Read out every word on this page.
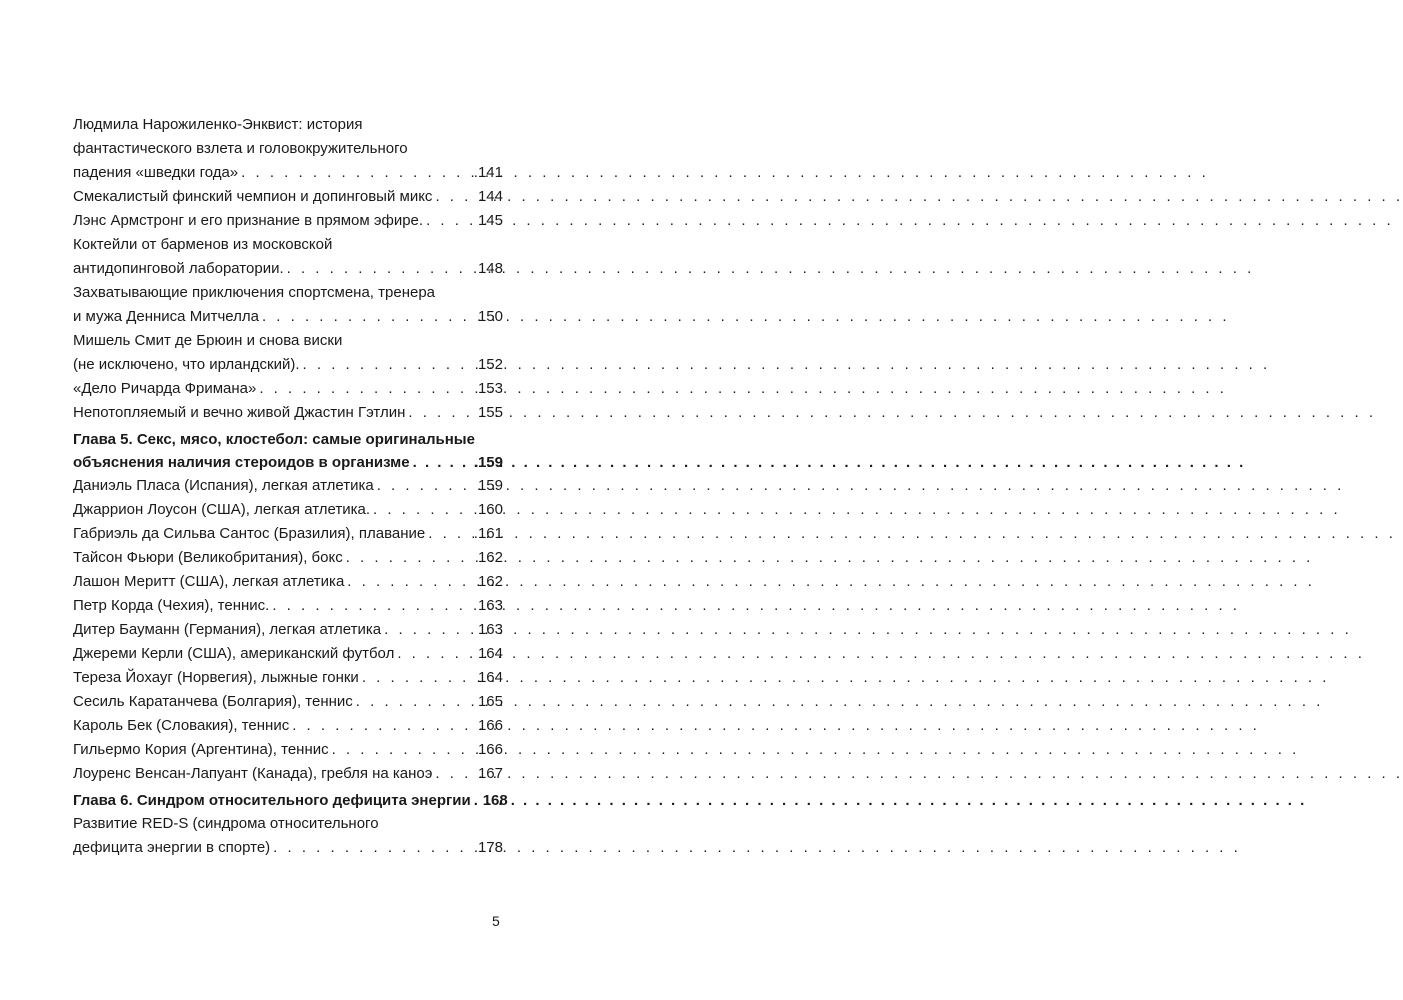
Людмила Нарожиленко-Энквист: история
фантастического взлета и головокружительного
падения «шведки года» . . .	.141
Смекалистый финский чемпион и допинговый микс . . .	144
Лэнс Армстронг и его признание в прямом эфире. . . .	145
Коктейли от барменов из московской
антидопинговой лаборатории. . . .	148
Захватывающие приключения спортсмена, тренера
и мужа Денниса Митчелла . . .	150
Мишель Смит де Брюин и снова виски
(не исключено, что ирландский). . . .	152
«Дело Ричарда Фримана» . . .	153
Непотопляемый и вечно живой Джастин Гэтлин . . .	155
Глава 5. Секс, мясо, клостебол: самые оригинальные
объяснения наличия стероидов в организме . . .	.159
Даниэль Пласа (Испания), легкая атлетика . . .	159
Джаррион Лоусон (США), легкая атлетика. . . .	160
Габриэль да Сильва Сантос (Бразилия), плавание . . .	.161
Тайсон Фьюри (Великобритания), бокс . . .	162
Лашон Меритт (США), легкая атлетика . . .	162
Петр Корда (Чехия), теннис. . . .	163
Дитер Бауманн (Германия), легкая атлетика . . .	163
Джереми Керли (США), американский футбол . . .	164
Тереза Йохауг (Норвегия), лыжные гонки . . .	164
Сесиль Каратанчева (Болгария), теннис . . .	165
Кароль Бек (Словакия), теннис . . .	166
Гильермо Кория (Аргентина), теннис . . .	166
Лоуренс Венсан-Лапуант (Канада), гребля на каноэ . . .	167
Глава 6. Синдром относительного дефицита энергии . . . 168
Развитие RED-S (синдрома относительного
дефицита энергии в спорте) . . .	178
5
